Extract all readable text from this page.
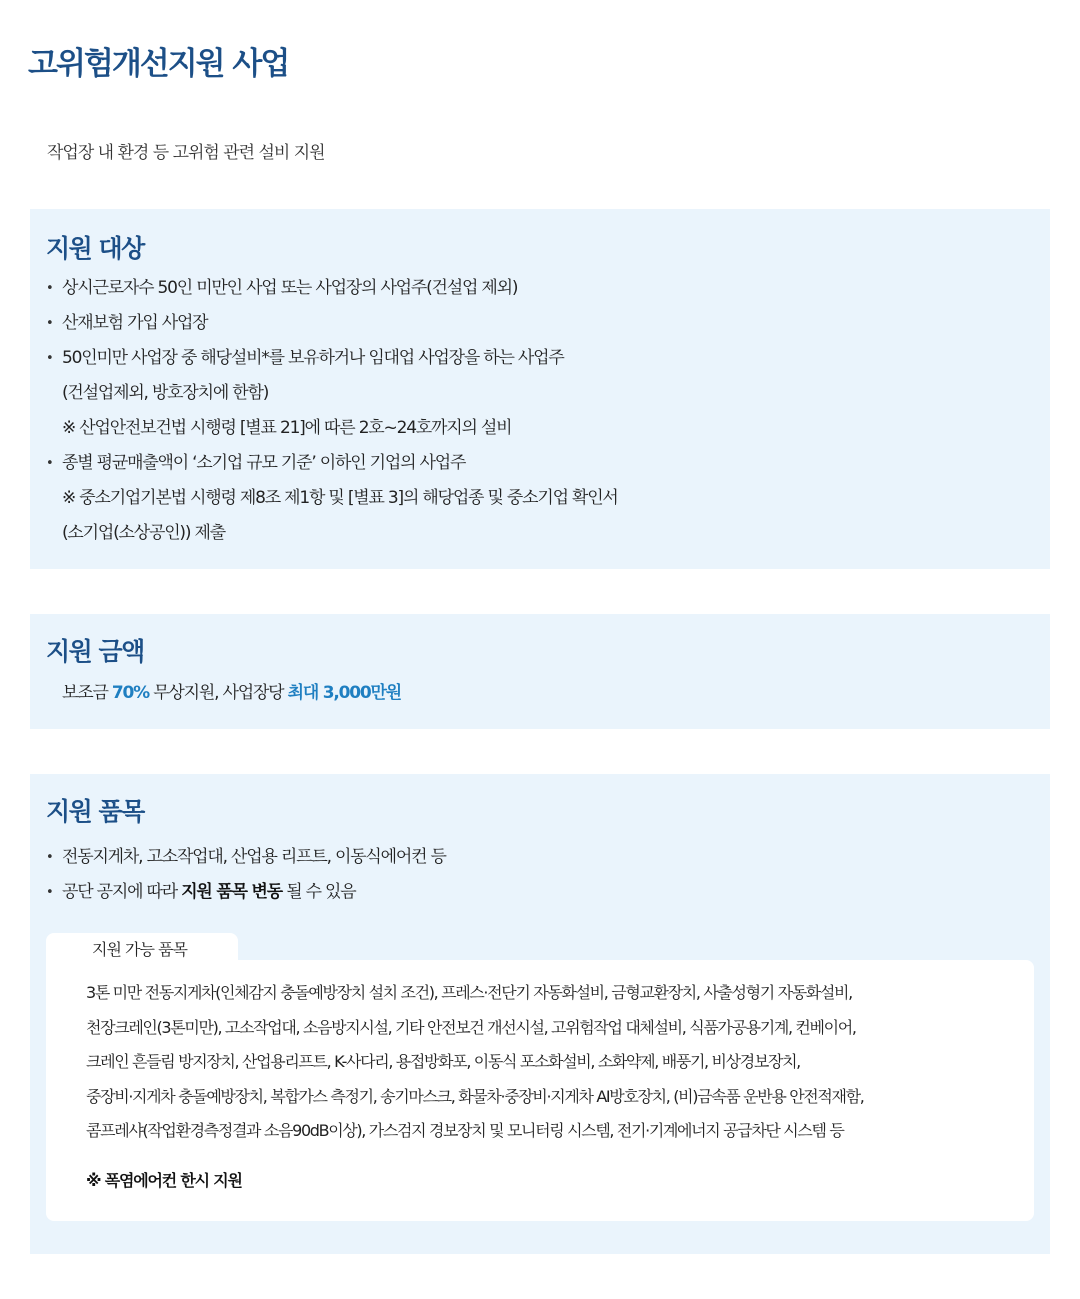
고위험개선지원 사업
작업장 내 환경 등 고위험 관련 설비 지원
지원 대상
• 상시근로자수 50인 미만인 사업 또는 사업장의 사업주(건설업 제외)
• 산재보험 가입 사업장
• 50인미만 사업장 중 해당설비*를 보유하거나 임대업 사업장을 하는 사업주
(건설업제외, 방호장치에 한함)
※ 산업안전보건법 시행령 [별표 21]에 따른 2호~24호까지의 설비
• 종별 평균매출액이 ‘소기업 규모 기준’ 이하인 기업의 사업주
※ 중소기업기본법 시행령 제8조 제1항 및 [별표 3]의 해당업종 및 중소기업 확인서
(소기업(소상공인)) 제출
지원 금액
보조금 70% 무상지원, 사업장당 최대 3,000만원
지원 품목
• 전동지게차, 고소작업대, 산업용 리프트, 이동식에어컨 등
• 공단 공지에 따라 지원 품목 변동 될 수 있음
지원 가능 품목
3톤 미만 전동지게차(인체감지 충돌예방장치 설치 조건), 프레스·전단기 자동화설비, 금형교환장치, 사출성형기 자동화설비,
천장크레인(3톤미만), 고소작업대, 소음방지시설, 기타 안전보건 개선시설, 고위험작업 대체설비, 식품가공용기계, 컨베이어,
크레인 흔들림 방지장치, 산업용리프트, K-사다리, 용접방화포, 이동식 포소화설비, 소화약제, 배풍기, 비상경보장치,
중장비·지게차 충돌예방장치, 복합가스 측정기, 송기마스크, 화물차·중장비·지게차 AI방호장치, (비)금속품 운반용 안전적재함,
콤프레샤(작업환경측정결과 소음90dB이상), 가스검지 경보장치 및 모니터링 시스템, 전기·기계에너지 공급차단 시스템 등
※ 폭염에어컨 한시 지원
